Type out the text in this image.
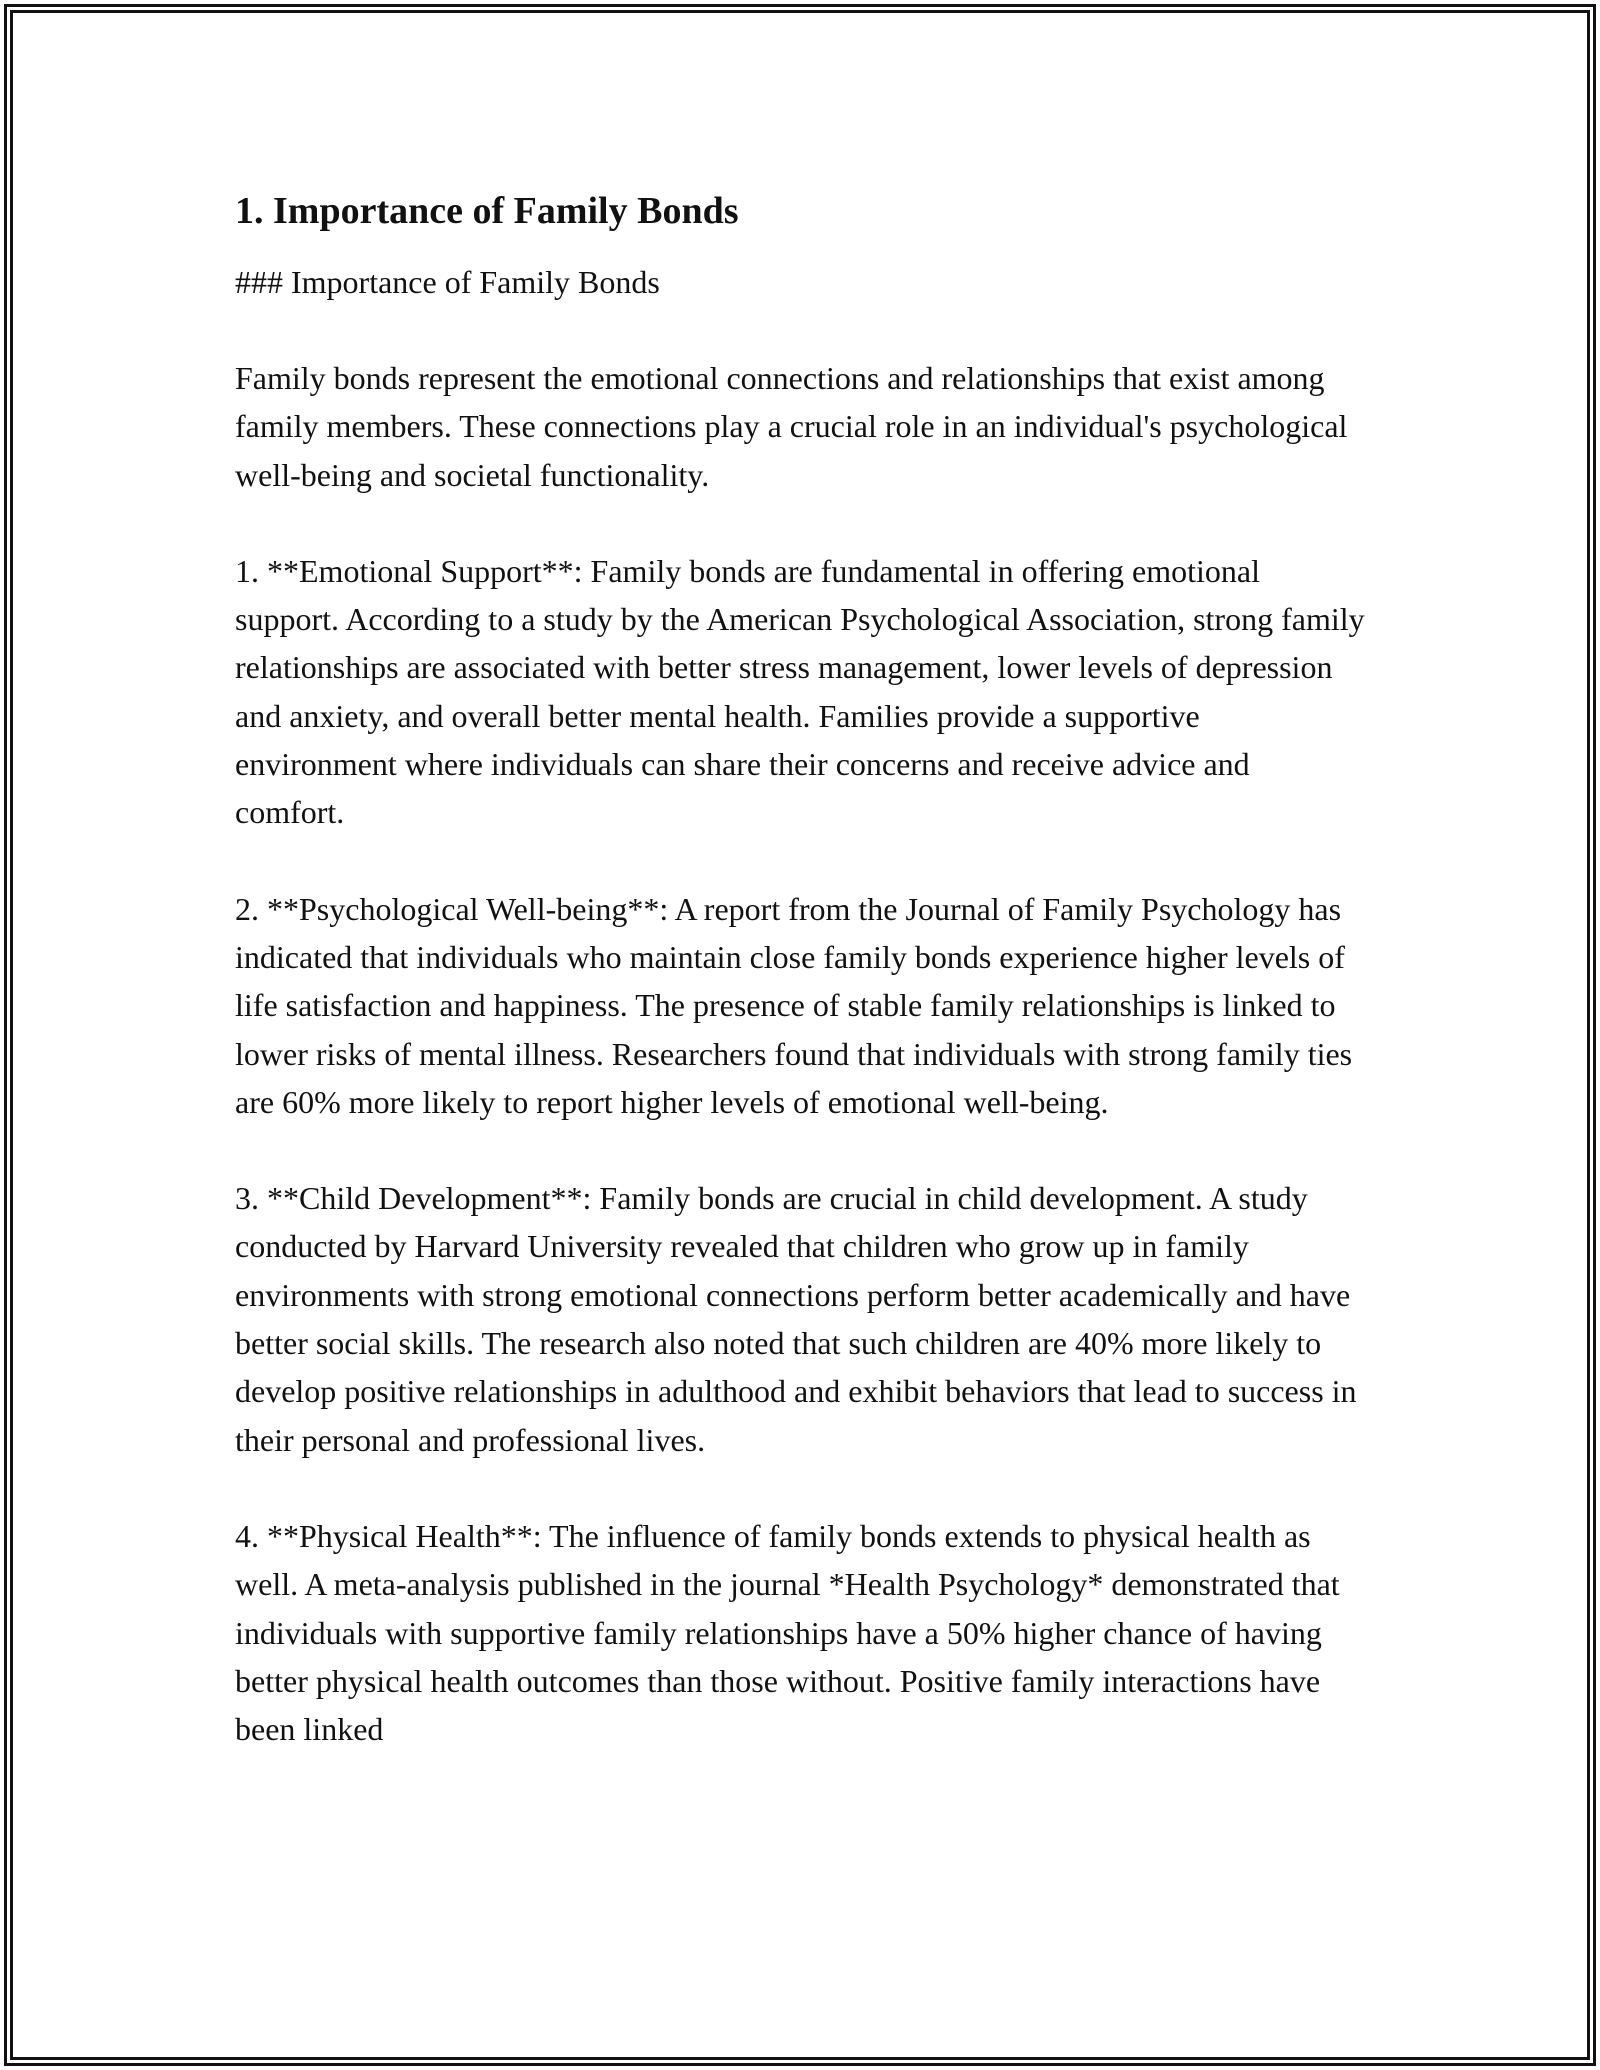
1. Importance of Family Bonds

### Importance of Family Bonds

Family bonds represent the emotional connections and relationships that exist among family members. These connections play a crucial role in an individual's psychological well-being and societal functionality.

1. **Emotional Support**: Family bonds are fundamental in offering emotional support. According to a study by the American Psychological Association, strong family relationships are associated with better stress management, lower levels of depression and anxiety, and overall better mental health. Families provide a supportive environment where individuals can share their concerns and receive advice and comfort.

2. **Psychological Well-being**: A report from the Journal of Family Psychology has indicated that individuals who maintain close family bonds experience higher levels of life satisfaction and happiness. The presence of stable family relationships is linked to lower risks of mental illness. Researchers found that individuals with strong family ties are 60% more likely to report higher levels of emotional well-being.

3. **Child Development**: Family bonds are crucial in child development. A study conducted by Harvard University revealed that children who grow up in family environments with strong emotional connections perform better academically and have better social skills. The research also noted that such children are 40% more likely to develop positive relationships in adulthood and exhibit behaviors that lead to success in their personal and professional lives.

4. **Physical Health**: The influence of family bonds extends to physical health as well. A meta-analysis published in the journal *Health Psychology* demonstrated that individuals with supportive family relationships have a 50% higher chance of having better physical health outcomes than those without. Positive family interactions have been linked
